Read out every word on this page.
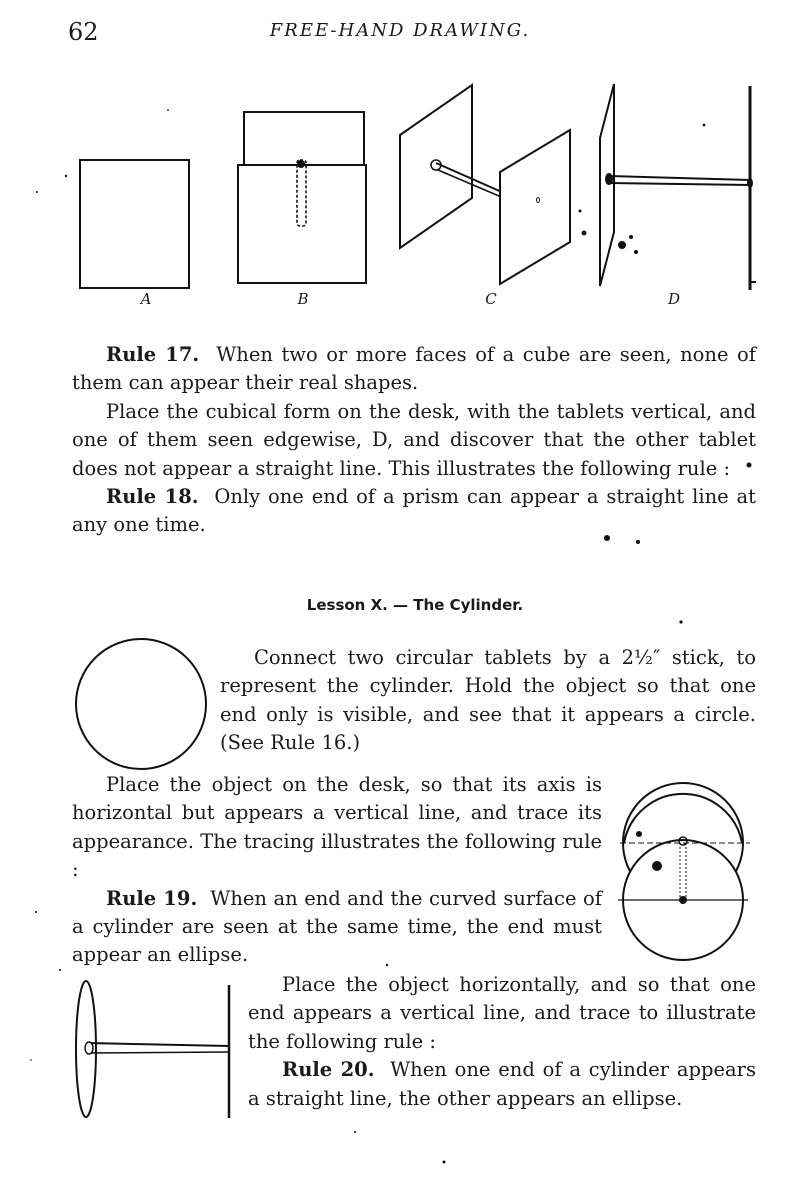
62	FREE-HAND DRAWING.
A	B	C	D
Rule 17. When two or more faces of a cube are seen, none of them can appear their real shapes.
Place the cubical form on the desk, with the tablets vertical, and one of them seen edgewise, D, and discover that the other tablet does not appear a straight line. This illustrates the following rule :
Rule 18. Only one end of a prism can appear a straight line at any one time.
Lesson X. — The Cylinder.
Connect two circular tablets by a 2½″ stick, to represent the cylinder. Hold the object so that one end only is visible, and see that it appears a circle. (See Rule 16.)
Place the object on the desk, so that its axis is horizontal but appears a vertical line, and trace its appearance. The tracing illustrates the following rule :
Rule 19. When an end and the curved surface of a cylinder are seen at the same time, the end must appear an ellipse.
Place the object horizontally, and so that one end appears a vertical line, and trace to illustrate the following rule :
Rule 20. When one end of a cylinder appears a straight line, the other appears an ellipse.
